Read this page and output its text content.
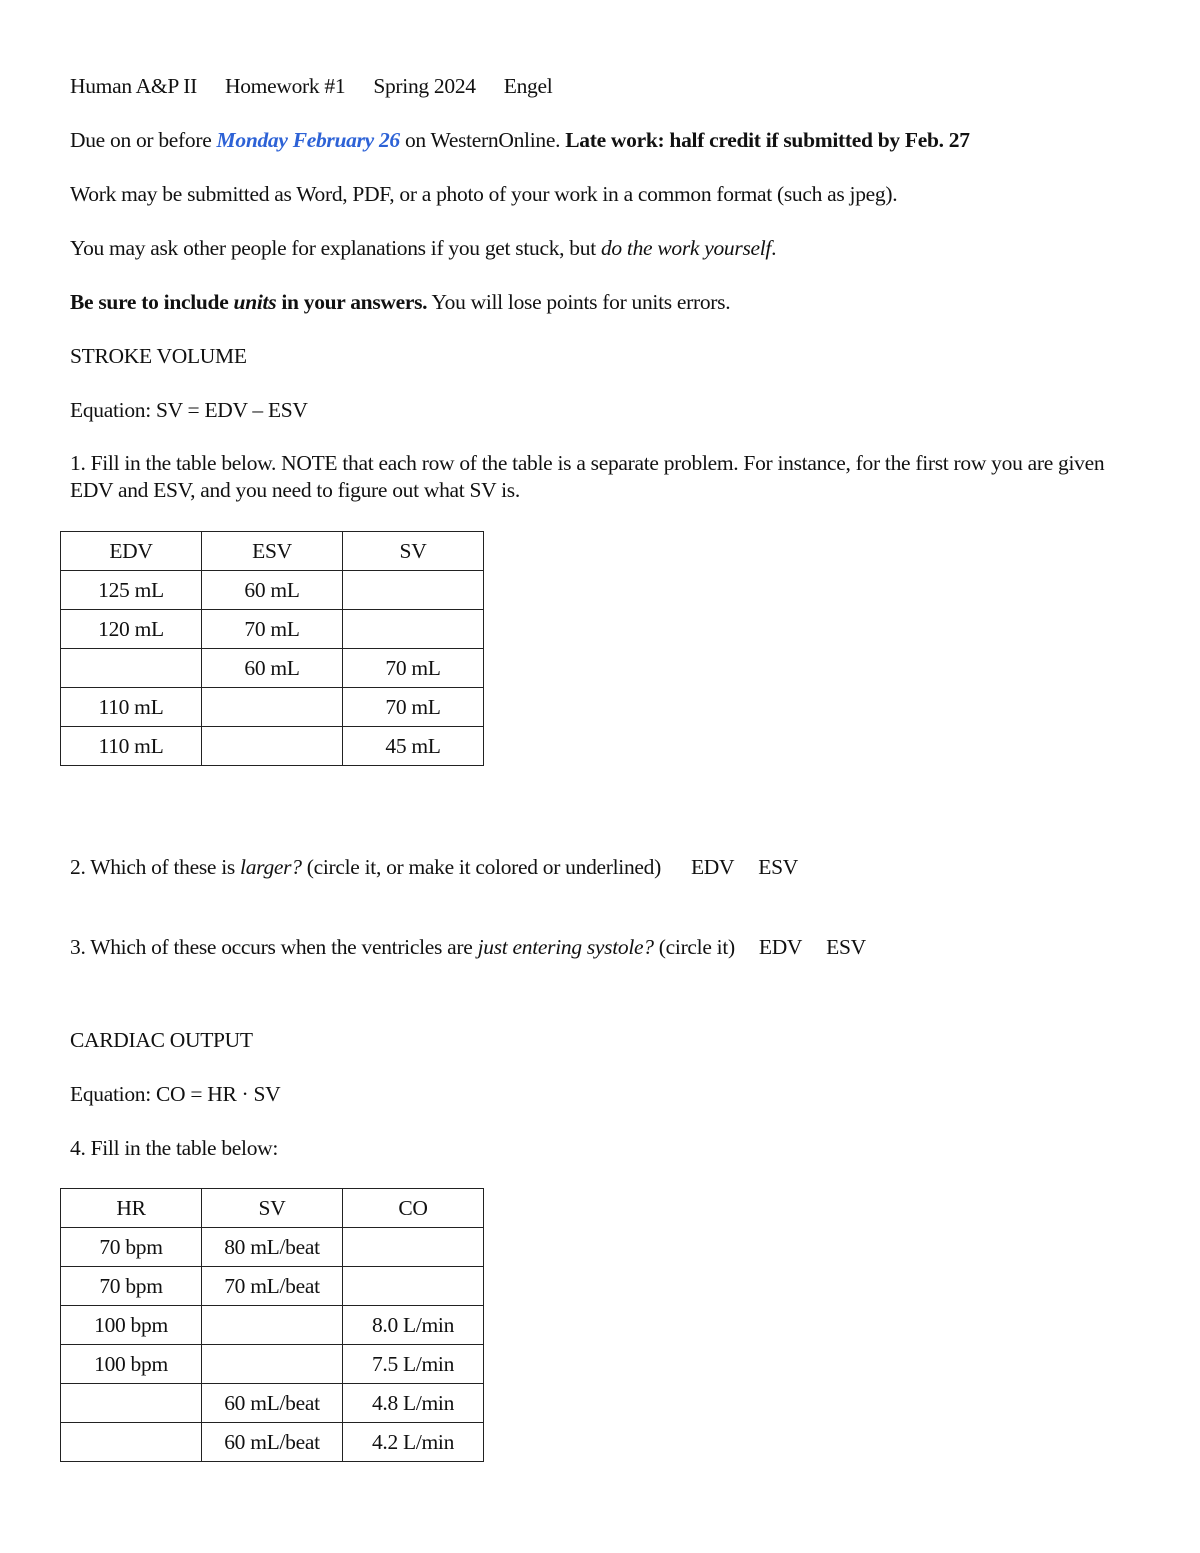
Human A&P II Homework #1 Spring 2024 Engel
Due on or before Monday February 26 on WesternOnline. Late work: half credit if submitted by Feb. 27
Work may be submitted as Word, PDF, or a photo of your work in a common format (such as jpeg).
You may ask other people for explanations if you get stuck, but do the work yourself.
Be sure to include units in your answers. You will lose points for units errors.
STROKE VOLUME
Equation: SV = EDV – ESV
1. Fill in the table below. NOTE that each row of the table is a separate problem. For instance, for the first row you are given EDV and ESV, and you need to figure out what SV is.
EDV	ESV	SV
125 mL	60 mL	
120 mL	70 mL	
	60 mL	70 mL
110 mL		70 mL
110 mL		45 mL
2. Which of these is larger? (circle it, or make it colored or underlined) EDV ESV
3. Which of these occurs when the ventricles are just entering systole? (circle it) EDV ESV
CARDIAC OUTPUT
Equation: CO = HR · SV
4. Fill in the table below:
HR	SV	CO
70 bpm	80 mL/beat	
70 bpm	70 mL/beat	
100 bpm		8.0 L/min
100 bpm		7.5 L/min
	60 mL/beat	4.8 L/min
	60 mL/beat	4.2 L/min
